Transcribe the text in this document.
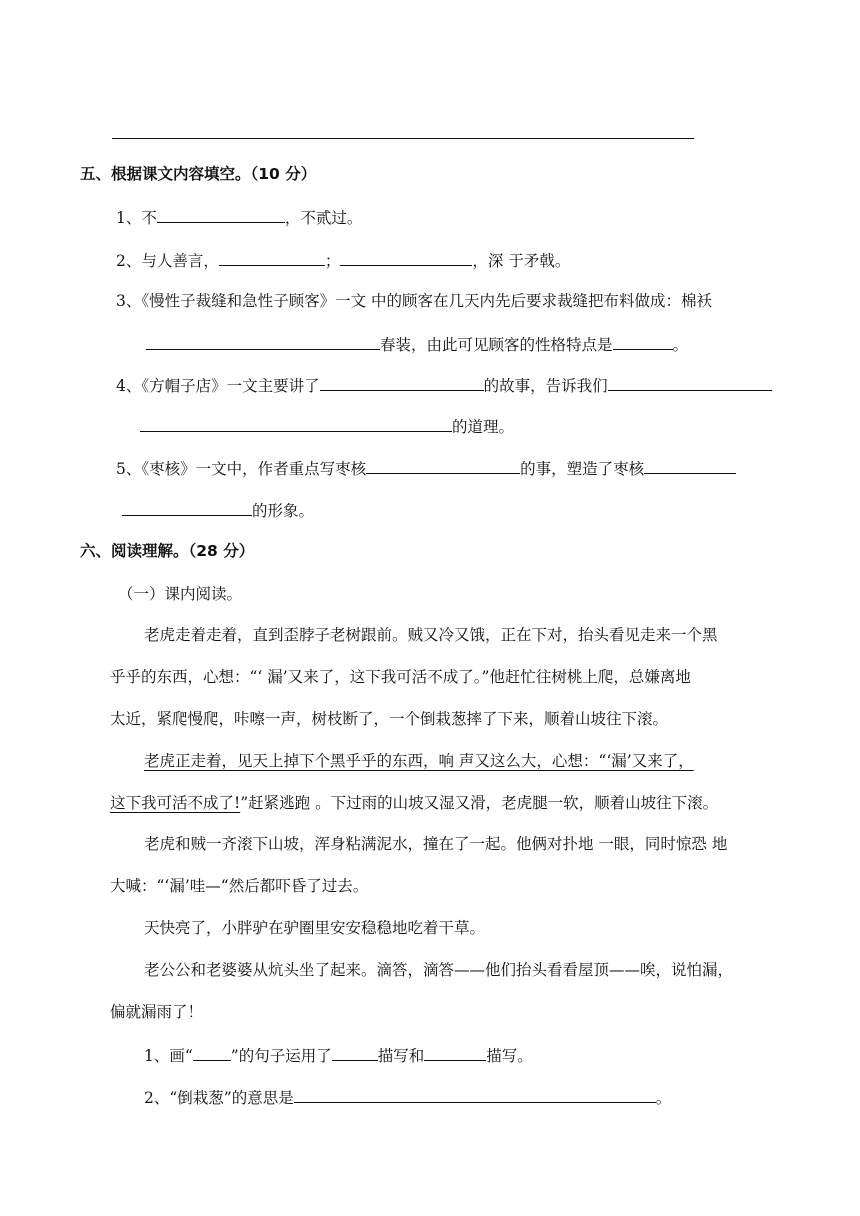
五、根据课文内容填空。（10 分）
1、不	，不贰过。
2、与人善言，	；	，深 于矛戟。
3、《慢性子裁缝和急性子顾客》一文 中的顾客在几天内先后要求裁缝把布料做成：棉袄
春装，由此可见顾客的性格特点是	。
4、《方帽子店》一文主要讲了	的故事，告诉我们
的道理。
5、《枣核》一文中，作者重点写枣核	的事，塑造了枣核
的形象。
六、阅读理解。（28 分）
（一）课内阅读。
老虎走着走着，直到歪脖子老树跟前。贼又冷又饿，正在下对，抬头看见走来一个黑
乎乎的东西，心想：“‘ 漏’又来了，这下我可活不成了。”他赶忙往树桃上爬，总嫌离地
太近，紧爬慢爬，咔嚓一声，树枝断了，一个倒栽葱摔了下来，顺着山坡往下滚。
老虎正走着，见天上掉下个黑乎乎的东西，响 声又这么大，心想：“‘漏’又来了，
这下我可活不成了!”赶紧逃跑 。下过雨的山坡又湿又滑，老虎腿一软，顺着山坡往下滚。
老虎和贼一齐滚下山坡，浑身粘满泥水，撞在了一起。他俩对扑地 一眼，同时惊恐 地
大喊：“‘漏’哇—“然后都吓昏了过去。
天快亮了，小胖驴在驴圈里安安稳稳地吃着干草。
老公公和老婆婆从炕头坐了起来。滴答，滴答——他们抬头看看屋顶——唉，说怕漏，
偏就漏雨了！
1、画“ ”的句子运用了	描写和	描写。
2、“倒栽葱”的意思是	。
